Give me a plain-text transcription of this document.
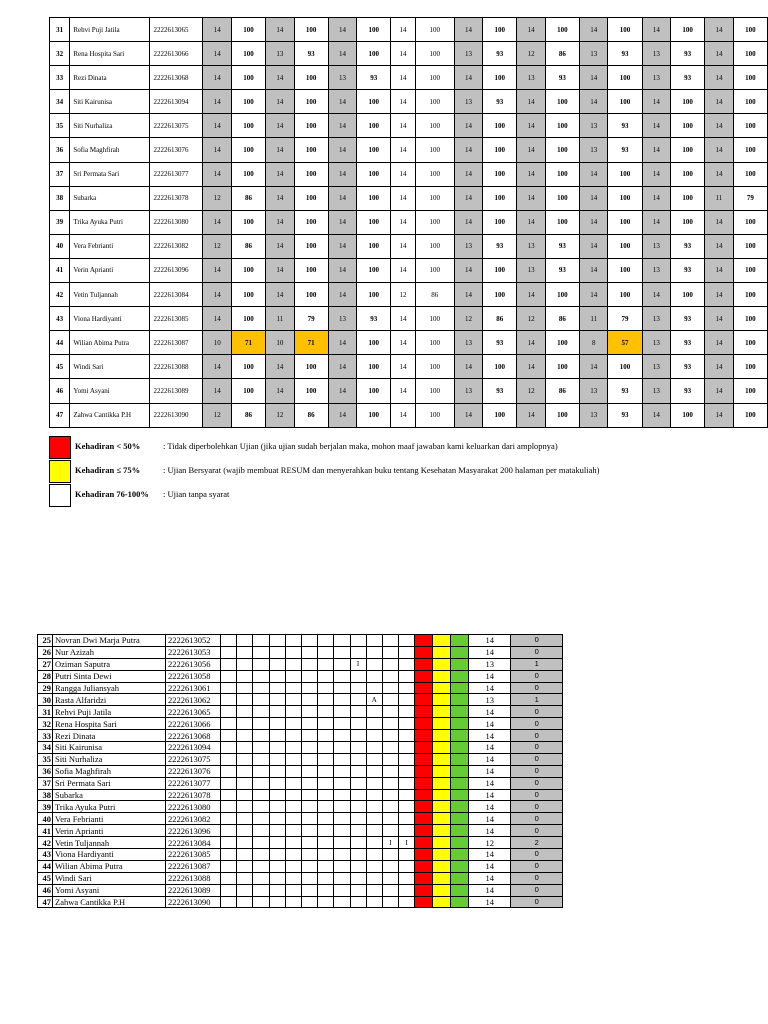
31	Rehvi Puji Jatila	2222613065	14	100	14	100	14	100	14	100	14	100	14	100	14	100	14	100	14	100
32	Rena Hospita Sari	2222613066	14	100	13	93	14	100	14	100	13	93	12	86	13	93	13	93	14	100
33	Rezi Dinata	2222613068	14	100	14	100	13	93	14	100	14	100	13	93	14	100	13	93	14	100
34	Siti Kairunisa	2222613094	14	100	14	100	14	100	14	100	13	93	14	100	14	100	14	100	14	100
35	Siti Nurhaliza	2222613075	14	100	14	100	14	100	14	100	14	100	14	100	13	93	14	100	14	100
36	Sofia Maghfirah	2222613076	14	100	14	100	14	100	14	100	14	100	14	100	13	93	14	100	14	100
37	Sri Permata Sari	2222613077	14	100	14	100	14	100	14	100	14	100	14	100	14	100	14	100	14	100
38	Subarka	2222613078	12	86	14	100	14	100	14	100	14	100	14	100	14	100	14	100	11	79
39	Trika Ayuka Putri	2222613080	14	100	14	100	14	100	14	100	14	100	14	100	14	100	14	100	14	100
40	Vera Febrianti	2222613082	12	86	14	100	14	100	14	100	13	93	13	93	14	100	13	93	14	100
41	Verin Aprianti	2222613096	14	100	14	100	14	100	14	100	14	100	13	93	14	100	13	93	14	100
42	Vetin Tuljannah	2222613084	14	100	14	100	14	100	12	86	14	100	14	100	14	100	14	100	14	100
43	Viona Hardiyanti	2222613085	14	100	11	79	13	93	14	100	12	86	12	86	11	79	13	93	14	100
44	Wilian Abima Putra	2222613087	10	71	10	71	14	100	14	100	13	93	14	100	8	57	13	93	14	100
45	Windi Sari	2222613088	14	100	14	100	14	100	14	100	14	100	14	100	14	100	13	93	14	100
46	Yomi Asyani	2222613089	14	100	14	100	14	100	14	100	13	93	12	86	13	93	13	93	14	100
47	Zahwa Cantikka P.H	2222613090	12	86	12	86	14	100	14	100	14	100	14	100	13	93	14	100	14	100
Kehadiran < 50%	: Tidak diperbolehkan Ujian (jika ujian sudah berjalan maka, mohon maaf jawaban kami keluarkan dari amplopnya)
Kehadiran ≤ 75%	: Ujian Bersyarat (wajib membuat RESUM dan menyerahkan buku tentang Kesehatan Masyarakat 200 halaman per matakuliah)
Kehadiran 76-100% : Ujian tanpa syarat
25	Novran Dwi Marja Putra	2222613052																14	0
26	Nur Azizah	2222613053																14	0
27	Oziman Saputra	2222613056									I							13	1
28	Putri Sinta Dewi	2222613058																14	0
29	Rangga Juliansyah	2222613061																14	0
30	Rasta Alfaridzi	2222613062										A						13	1
31	Rehvi Puji Jatila	2222613065																14	0
32	Rena Hospita Sari	2222613066																14	0
33	Rezi Dinata	2222613068																14	0
34	Siti Kairunisa	2222613094																14	0
35	Siti Nurhaliza	2222613075																14	0
36	Sofia Maghfirah	2222613076																14	0
37	Sri Permata Sari	2222613077																14	0
38	Subarka	2222613078																14	0
39	Trika Ayuka Putri	2222613080																14	0
40	Vera Febrianti	2222613082																14	0
41	Verin Aprianti	2222613096																14	0
42	Vetin Tuljannah	2222613084											I	I				12	2
43	Viona Hardiyanti	2222613085																14	0
44	Wilian Abima Putra	2222613087																14	0
45	Windi Sari	2222613088																14	0
46	Yomi Asyani	2222613089																14	0
47	Zahwa Cantikka P.H	2222613090																14	0
